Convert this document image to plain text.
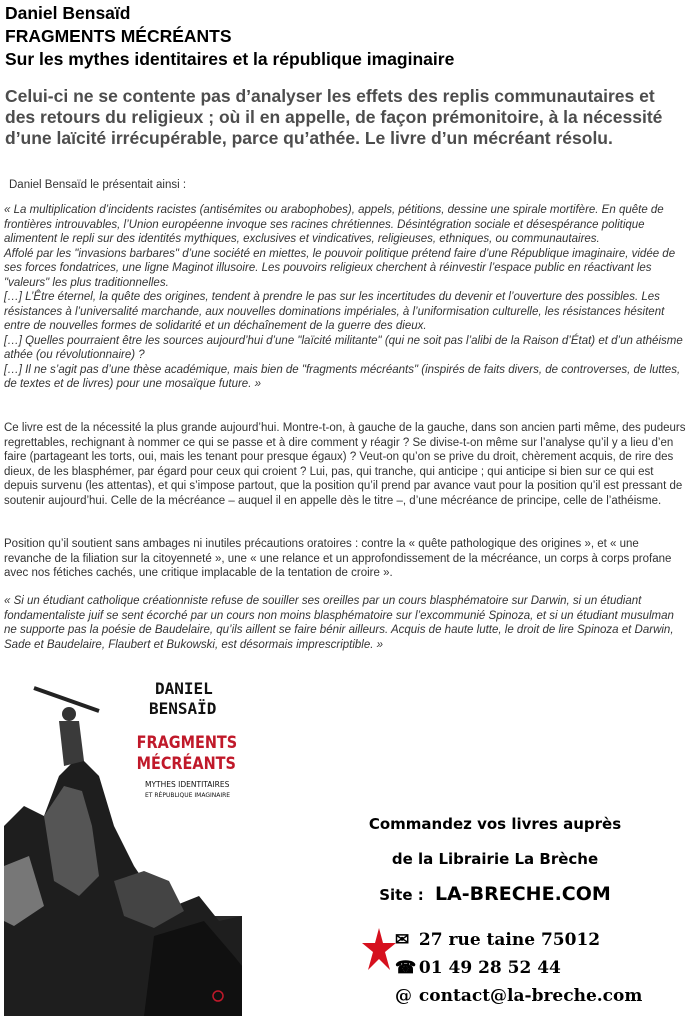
Daniel Bensaïd
FRAGMENTS MÉCRÉANTS
Sur les mythes identitaires et la république imaginaire

Celui-ci ne se contente pas d’analyser les effets des replis communautaires et des retours du religieux ; où il en appelle, de façon prémonitoire, à la nécessité d’une laïcité irrécupérable, parce qu’athée. Le livre d’un mécréant résolu.

Daniel Bensaïd le présentait ainsi :

« La multiplication d’incidents racistes (antisémites ou arabophobes), appels, pétitions, dessine une spirale mortifère. En quête de frontières introuvables, l’Union européenne invoque ses racines chrétiennes. Désintégration sociale et désespérance politique alimentent le repli sur des identités mythiques, exclusives et vindicatives, religieuses, ethniques, ou communautaires.
Affolé par les "invasions barbares" d’une société en miettes, le pouvoir politique prétend faire d’une République imaginaire, vidée de ses forces fondatrices, une ligne Maginot illusoire. Les pouvoirs religieux cherchent à réinvestir l’espace public en réactivant les "valeurs" les plus traditionnelles.
[…] L’Être éternel, la quête des origines, tendent à prendre le pas sur les incertitudes du devenir et l’ouverture des possibles. Les résistances à l’universalité marchande, aux nouvelles dominations impériales, à l’uniformisation culturelle, les résistances hésitent entre de nouvelles formes de solidarité et un déchaînement de la guerre des dieux.
[…] Quelles pourraient être les sources aujourd’hui d’une "laïcité militante" (qui ne soit pas l’alibi de la Raison d’État) et d’un athéisme athée (ou révolutionnaire) ?
[…] Il ne s’agit pas d’une thèse académique, mais bien de "fragments mécréants" (inspirés de faits divers, de controverses, de luttes, de textes et de livres) pour une mosaïque future. »

Ce livre est de la nécessité la plus grande aujourd’hui. Montre-t-on, à gauche de la gauche, dans son ancien parti même, des pudeurs regrettables, rechignant à nommer ce qui se passe et à dire comment y réagir ? Se divise-t-on même sur l’analyse qu’il y a lieu d’en faire (partageant les torts, oui, mais les tenant pour presque égaux) ? Veut-on qu’on se prive du droit, chèrement acquis, de rire des dieux, de les blasphémer, par égard pour ceux qui croient ? Lui, pas, qui tranche, qui anticipe ; qui anticipe si bien sur ce qui est depuis survenu (les attentas), et qui s’impose partout, que la position qu’il prend par avance vaut pour la position qu’il est pressant de soutenir aujourd’hui. Celle de la mécréance – auquel il en appelle dès le titre –, d’une mécréance de principe, celle de l’athéisme.

Position qu’il soutient sans ambages ni inutiles précautions oratoires : contre la « quête pathologique des origines », et « une revanche de la filiation sur la citoyenneté », une « une relance et un approfondissement de la mécréance, un corps à corps profane avec nos fétiches cachés, une critique implacable de la tentation de croire ».

« Si un étudiant catholique créationniste refuse de souiller ses oreilles par un cours blasphématoire sur Darwin, si un étudiant fondamentaliste juif se sent écorché par un cours non moins blasphématoire sur l’excommunié Spinoza, et si un étudiant musulman ne supporte pas la poésie de Baudelaire, qu’ils aillent se faire bénir ailleurs. Acquis de haute lutte, le droit de lire Spinoza et Darwin, Sade et Baudelaire, Flaubert et Bukowski, est désormais imprescriptible. »

DANIEL
BENSAÏD
FRAGMENTS
MÉCRÉANTS
MYTHES IDENTITAIRES
ET RÉPUBLIQUE IMAGINAIRE

Commandez vos livres auprès

de la Librairie La Brèche

Site : LA-BRECHE.COM

✉ 27 rue taine 75012

☎ 01 49 28 52 44

@ contact@la-breche.com
